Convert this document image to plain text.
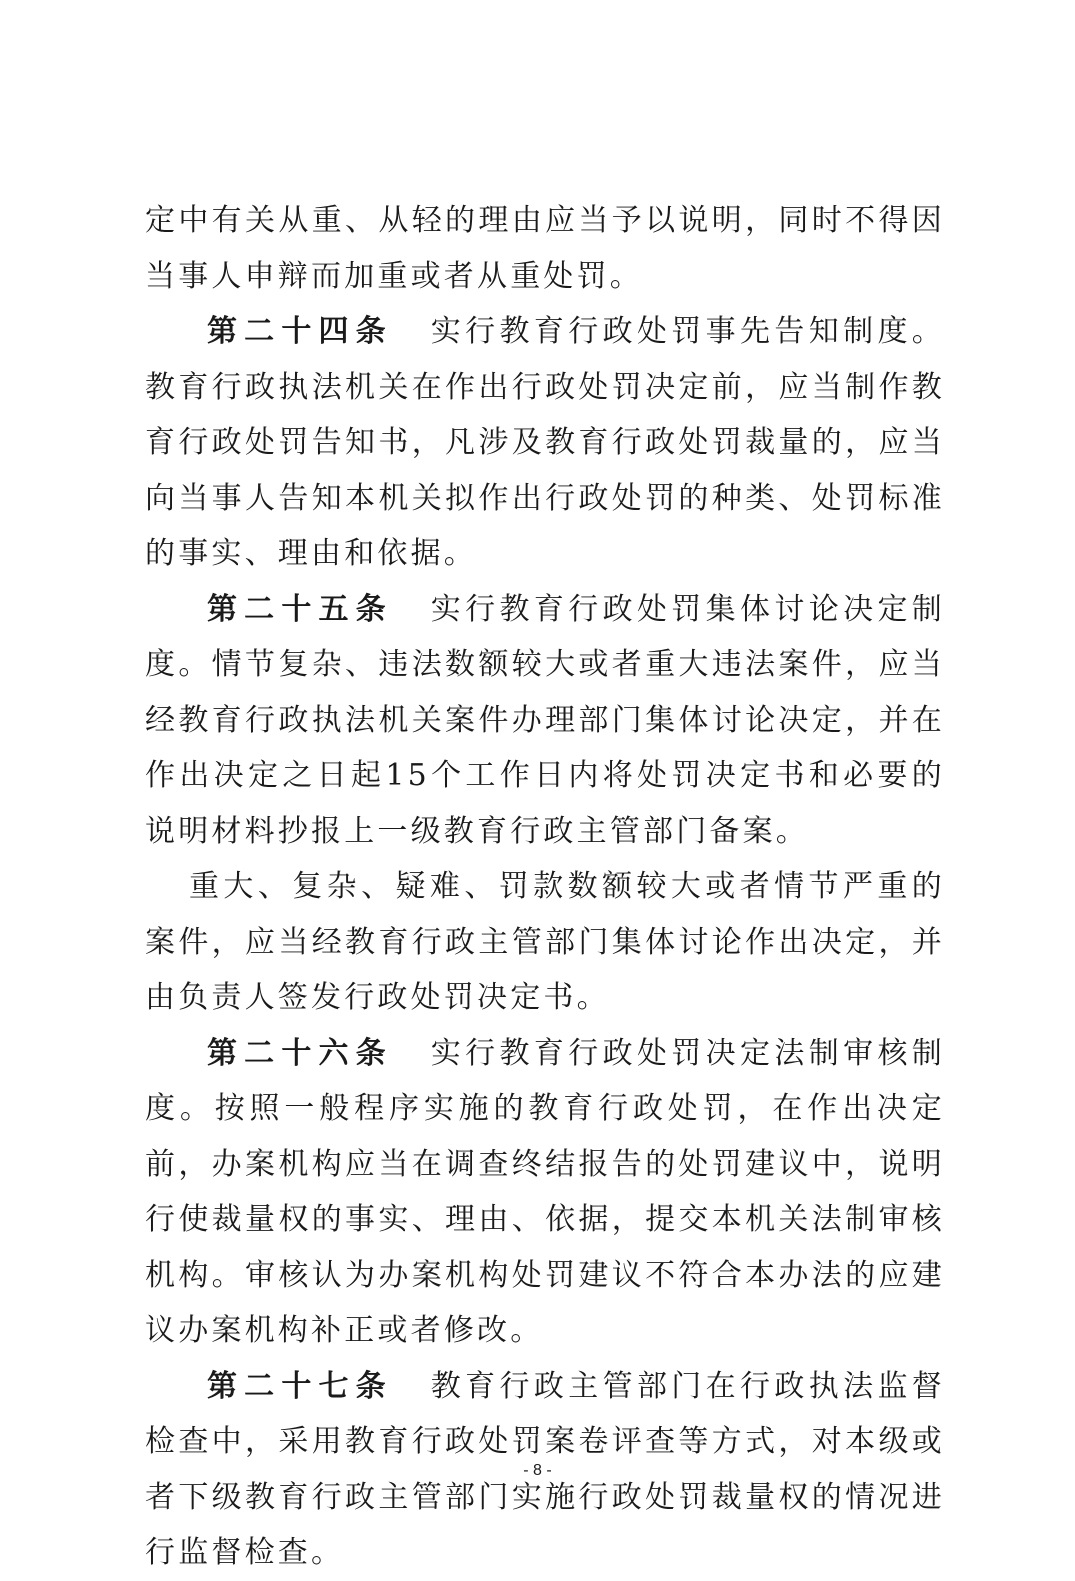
定中有关从重、从轻的理由应当予以说明，同时不得因当事人申辩而加重或者从重处罚。

第二十四条 实行教育行政处罚事先告知制度。教育行政执法机关在作出行政处罚决定前，应当制作教育行政处罚告知书，凡涉及教育行政处罚裁量的，应当向当事人告知本机关拟作出行政处罚的种类、处罚标准的事实、理由和依据。

第二十五条 实行教育行政处罚集体讨论决定制度。情节复杂、违法数额较大或者重大违法案件，应当经教育行政执法机关案件办理部门集体讨论决定，并在作出决定之日起15个工作日内将处罚决定书和必要的说明材料抄报上一级教育行政主管部门备案。

重大、复杂、疑难、罚款数额较大或者情节严重的案件，应当经教育行政主管部门集体讨论作出决定，并由负责人签发行政处罚决定书。

第二十六条 实行教育行政处罚决定法制审核制度。按照一般程序实施的教育行政处罚，在作出决定前，办案机构应当在调查终结报告的处罚建议中，说明行使裁量权的事实、理由、依据，提交本机关法制审核机构。审核认为办案机构处罚建议不符合本办法的应建议办案机构补正或者修改。

第二十七条 教育行政主管部门在行政执法监督检查中，采用教育行政处罚案卷评查等方式，对本级或者下级教育行政主管部门实施行政处罚裁量权的情况进行监督检查。

- 8 -
